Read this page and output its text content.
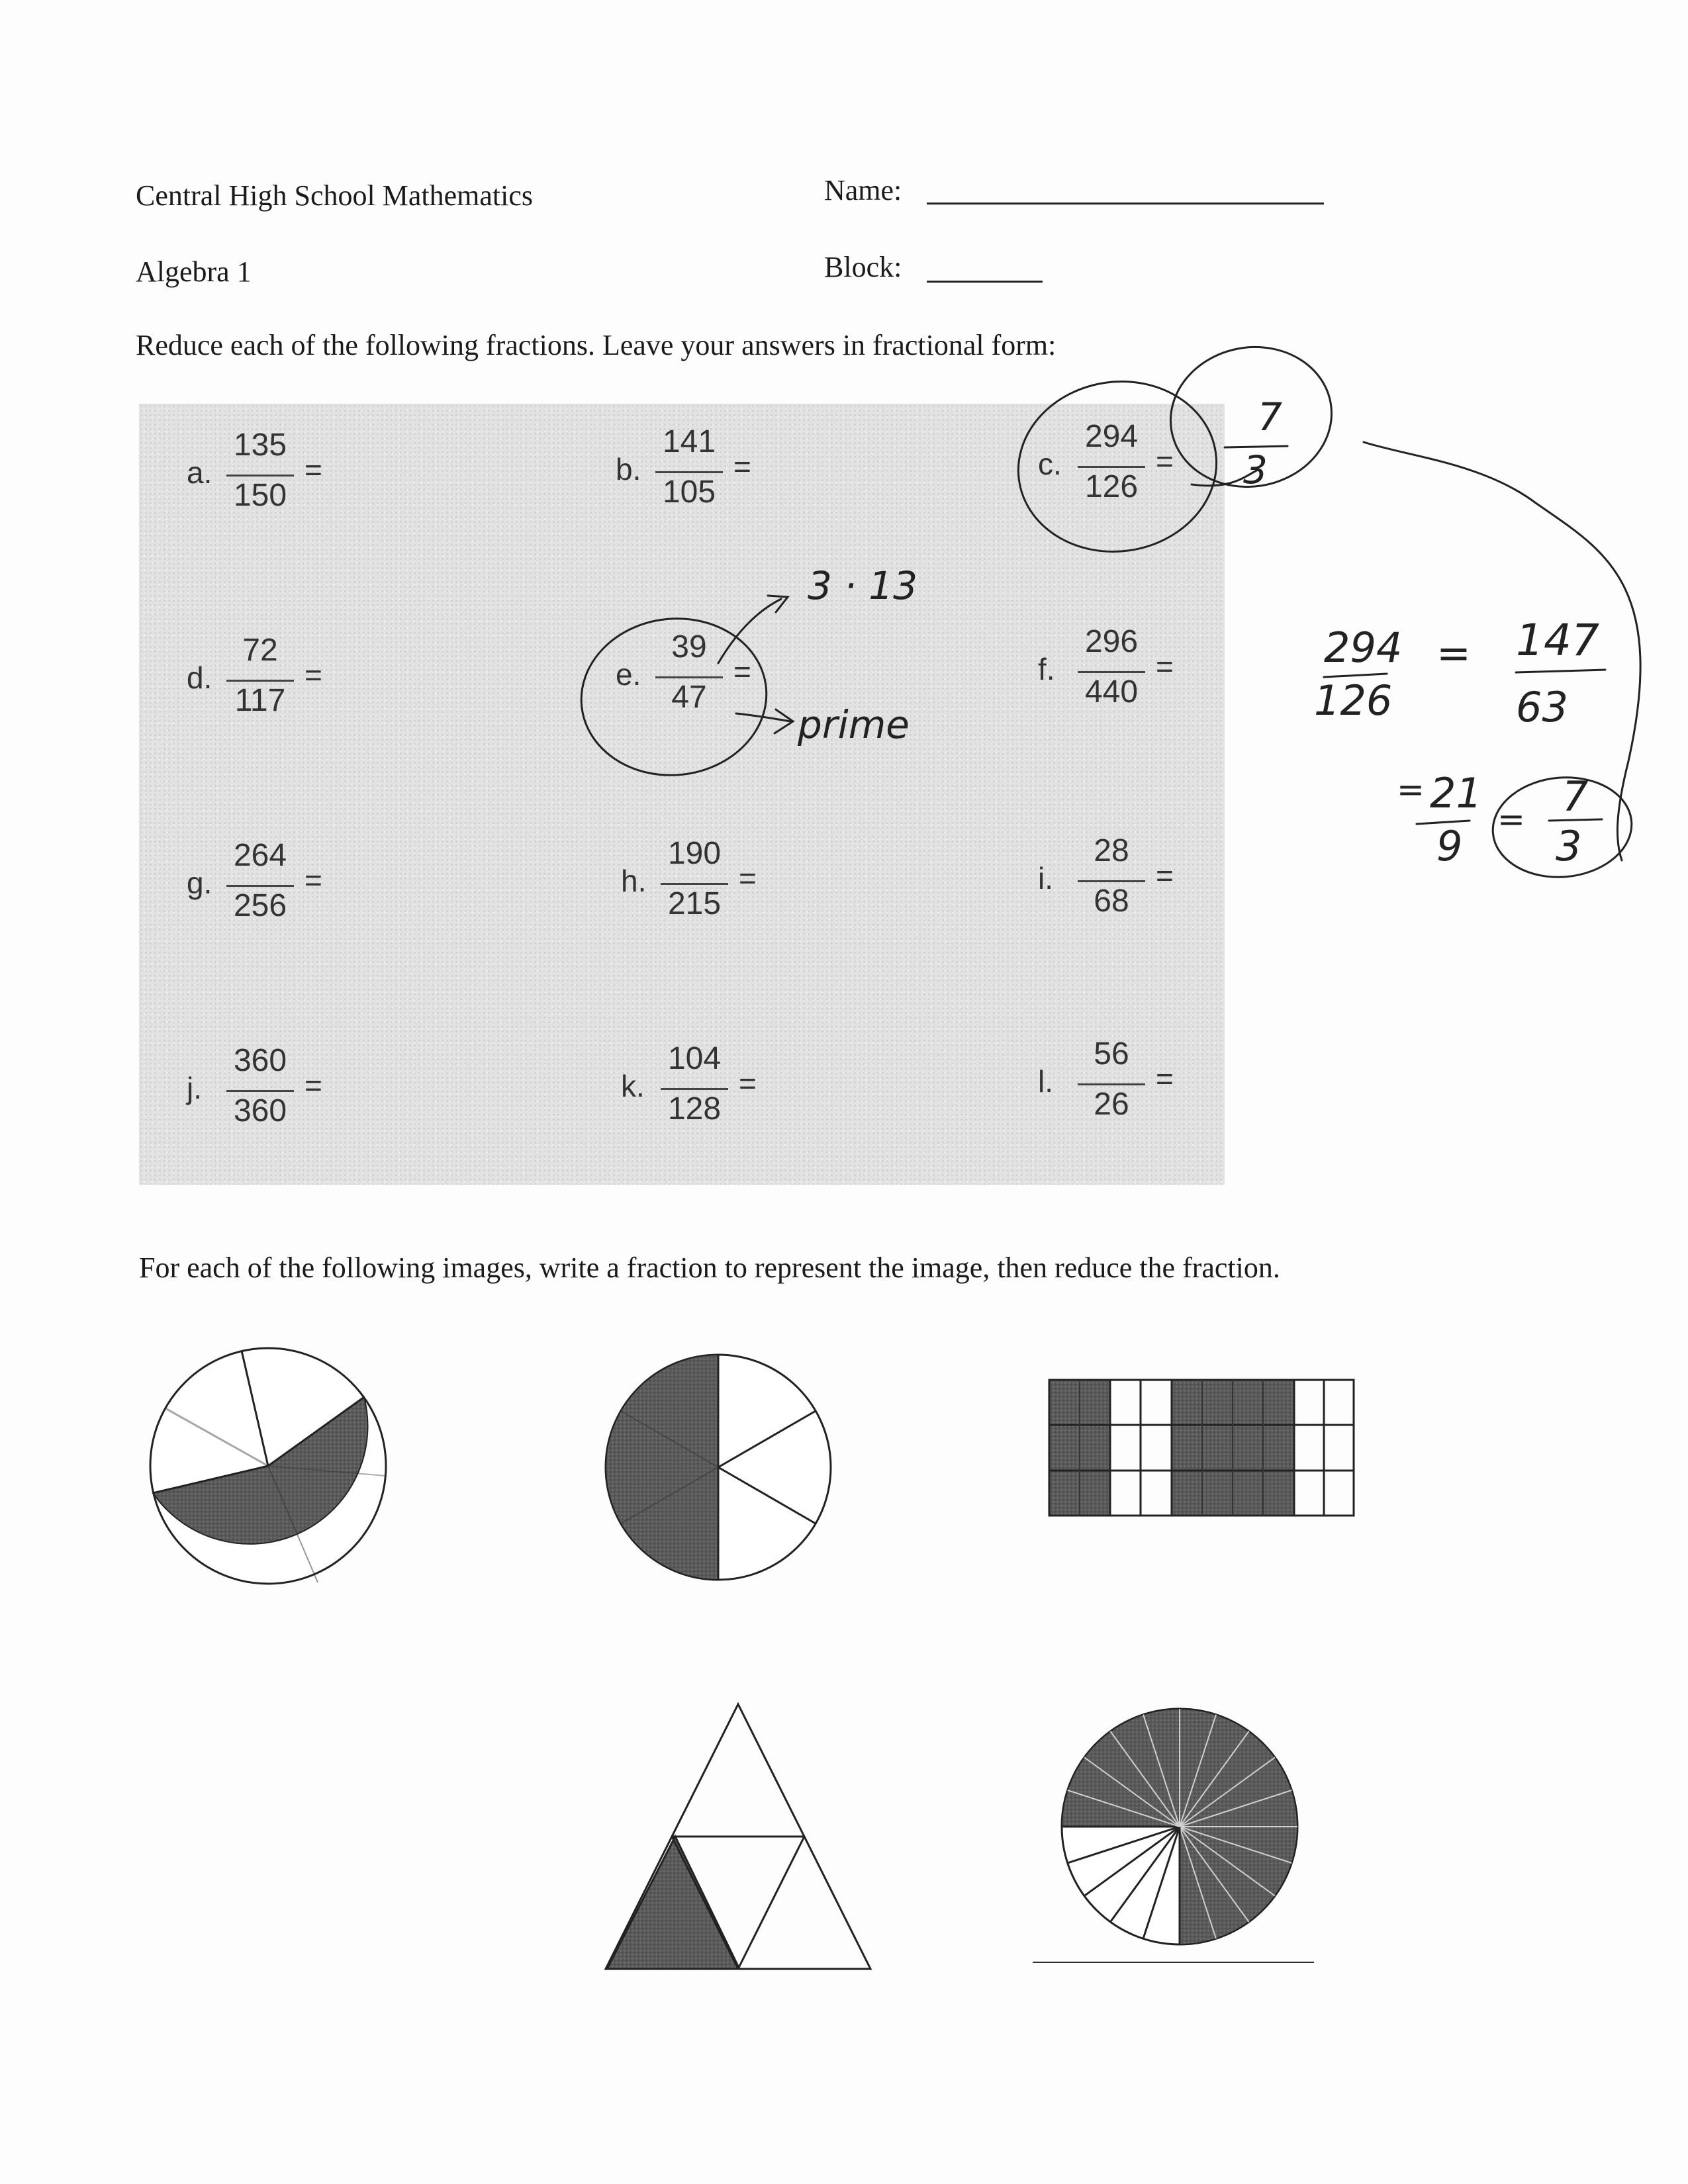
Central High School Mathematics	Name:
Algebra 1	Block:
Reduce each of the following fractions. Leave your answers in fractional form:
a.
135
150
=	b.
141
105
=	c.
294
126
=
d.
72
117
=	e.
39
47
=	f.
296
440
=
g.
264
256
=	h.
190
215
=	i.
28
68
=
j.
360
360
=	k.
104
128
=	l.
56
26
=
For each of the following images, write a fraction to represent the image, then reduce the fraction.
7
3
3 · 13
prime
294
126
= 147
63
= 21
9
= 7
3
